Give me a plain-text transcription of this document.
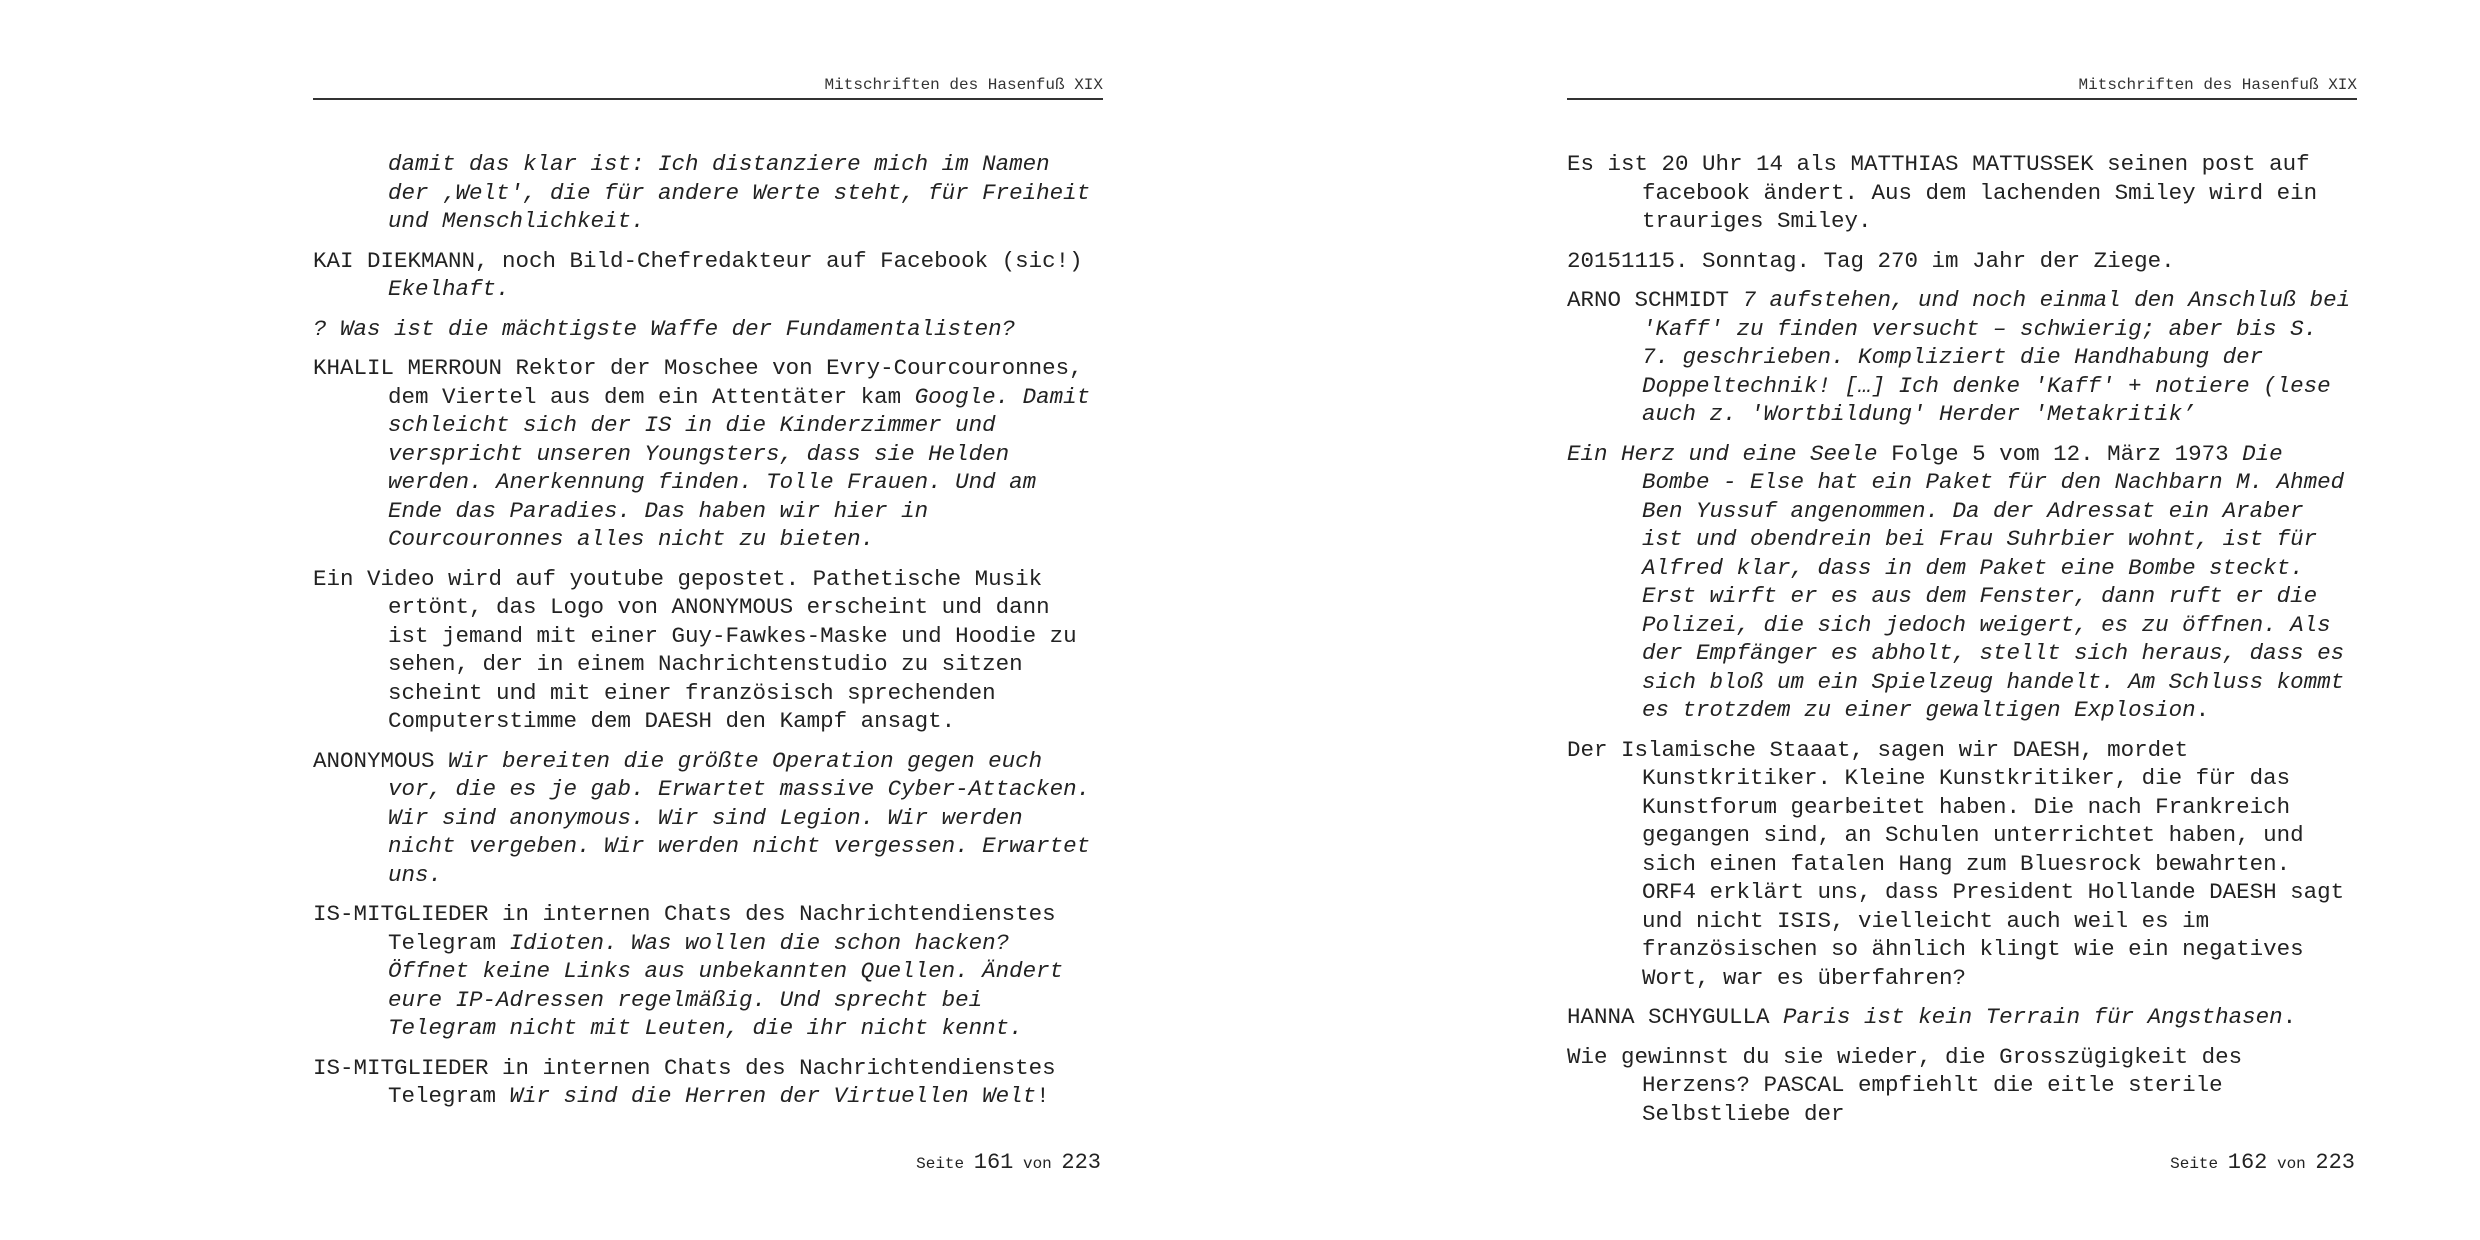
Mitschriften des Hasenfuß XIX

damit das klar ist: Ich distanziere mich im Namen der ‚Welt', die für andere Werte steht, für Freiheit und Menschlichkeit.

KAI DIEKMANN, noch Bild-Chefredakteur auf Facebook (sic!) Ekelhaft.

? Was ist die mächtigste Waffe der Fundamentalisten?

KHALIL MERROUN Rektor der Moschee von Evry-Courcouronnes, dem Viertel aus dem ein Attentäter kam Google. Damit schleicht sich der IS in die Kinderzimmer und verspricht unseren Youngsters, dass sie Helden werden. Anerkennung finden. Tolle Frauen. Und am Ende das Paradies. Das haben wir hier in Courcouronnes alles nicht zu bieten.

Ein Video wird auf youtube gepostet. Pathetische Musik ertönt, das Logo von ANONYMOUS erscheint und dann ist jemand mit einer Guy-Fawkes-Maske und Hoodie zu sehen, der in einem Nachrichtenstudio zu sitzen scheint und mit einer französisch sprechenden Computerstimme dem DAESH den Kampf ansagt.

ANONYMOUS Wir bereiten die größte Operation gegen euch vor, die es je gab. Erwartet massive Cyber-Attacken. Wir sind anonymous. Wir sind Legion. Wir werden nicht vergeben. Wir werden nicht vergessen. Erwartet uns.

IS-MITGLIEDER in internen Chats des Nachrichtendienstes Telegram Idioten. Was wollen die schon hacken? Öffnet keine Links aus unbekannten Quellen. Ändert eure IP-Adressen regelmäßig. Und sprecht bei Telegram nicht mit Leuten, die ihr nicht kennt.

IS-MITGLIEDER in internen Chats des Nachrichtendienstes Telegram Wir sind die Herren der Virtuellen Welt!

Seite 161 von 223
Mitschriften des Hasenfuß XIX

Es ist 20 Uhr 14 als MATTHIAS MATTUSSEK seinen post auf facebook ändert. Aus dem lachenden Smiley wird ein trauriges Smiley.

20151115. Sonntag. Tag 270 im Jahr der Ziege.

ARNO SCHMIDT 7 aufstehen, und noch einmal den Anschluß bei 'Kaff' zu finden versucht – schwierig; aber bis S. 7. geschrieben. Kompliziert die Handhabung der Doppeltechnik! […] Ich denke 'Kaff' + notiere (lese auch z. 'Wortbildung' Herder 'Metakritik’

Ein Herz und eine Seele Folge 5 vom 12. März 1973 Die Bombe - Else hat ein Paket für den Nachbarn M. Ahmed Ben Yussuf angenommen. Da der Adressat ein Araber ist und obendrein bei Frau Suhrbier wohnt, ist für Alfred klar, dass in dem Paket eine Bombe steckt. Erst wirft er es aus dem Fenster, dann ruft er die Polizei, die sich jedoch weigert, es zu öffnen. Als der Empfänger es abholt, stellt sich heraus, dass es sich bloß um ein Spielzeug handelt. Am Schluss kommt es trotzdem zu einer gewaltigen Explosion.

Der Islamische Staaat, sagen wir DAESH, mordet Kunstkritiker. Kleine Kunstkritiker, die für das Kunstforum gearbeitet haben. Die nach Frankreich gegangen sind, an Schulen unterrichtet haben, und sich einen fatalen Hang zum Bluesrock bewahrten. ORF4 erklärt uns, dass President Hollande DAESH sagt und nicht ISIS, vielleicht auch weil es im französischen so ähnlich klingt wie ein negatives Wort, war es überfahren?

HANNA SCHYGULLA Paris ist kein Terrain für Angsthasen.

Wie gewinnst du sie wieder, die Grosszügigkeit des Herzens? PASCAL empfiehlt die eitle sterile Selbstliebe der

Seite 162 von 223
